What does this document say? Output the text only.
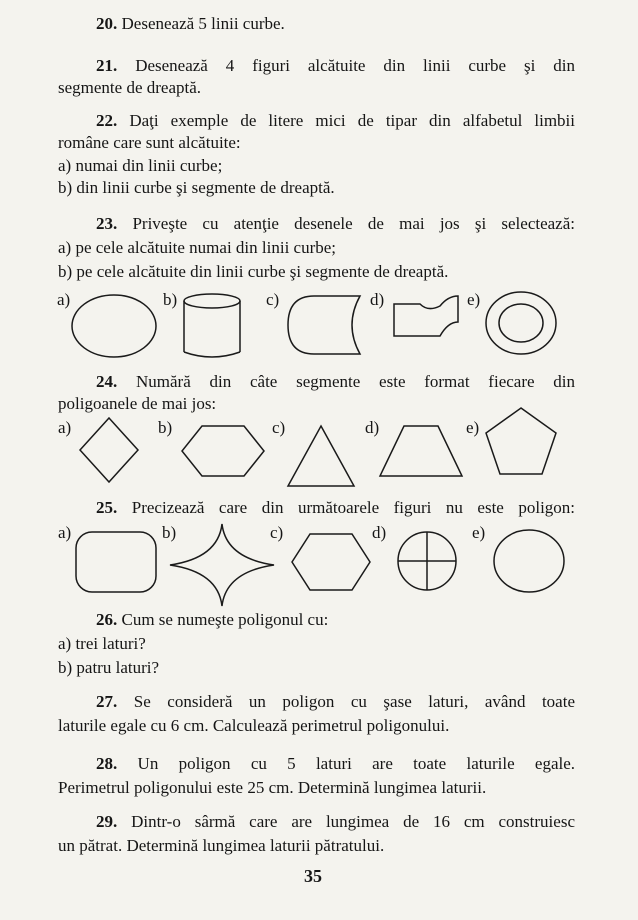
20. Desenează 5 linii curbe.
21. Desenează 4 figuri alcătuite din linii curbe şi din
segmente de dreaptă.
22. Daţi exemple de litere mici de tipar din alfabetul limbii
române care sunt alcătuite:
a) numai din linii curbe;
b) din linii curbe şi segmente de dreaptă.
23. Priveşte cu atenţie desenele de mai jos şi selectează:
a) pe cele alcătuite numai din linii curbe;
b) pe cele alcătuite din linii curbe şi segmente de dreaptă.
a)	b)	c)	d)	e)
24. Numără din câte segmente este format fiecare din
poligoanele de mai jos:
a)	b)	c)	d)	e)
25. Precizează care din următoarele figuri nu este poligon:
a)	b)	c)	d)	e)
26. Cum se numeşte poligonul cu:
a) trei laturi?
b) patru laturi?
27. Se consideră un poligon cu şase laturi, având toate
laturile egale cu 6 cm. Calculează perimetrul poligonului.
28. Un poligon cu 5 laturi are toate laturile egale.
Perimetrul poligonului este 25 cm. Determină lungimea laturii.
29. Dintr-o sârmă care are lungimea de 16 cm construiesc
un pătrat. Determină lungimea laturii pătratului.
35
